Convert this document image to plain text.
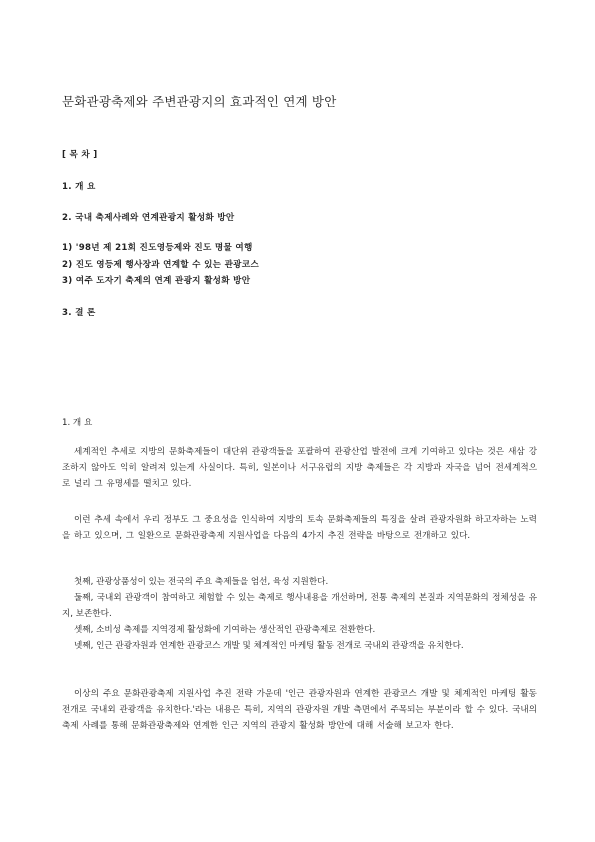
문화관광축제와 주변관광지의 효과적인 연계 방안
[ 목 차 ]
1. 개 요
2. 국내 축제사례와 연계관광지 활성화 방안
1) '98년 제 21회 진도영등제와 진도 명물 여행
2) 진도 영등제 행사장과 연계할 수 있는 관광코스
3) 여주 도자기 축제의 연계 관광지 활성화 방안
3. 결 론
1. 개 요
세계적인 추세로 지방의 문화축제들이 대단위 관광객들을 포괄하여 관광산업 발전에 크게 기여하고 있다는 것은 새삼 강조하지 않아도 익히 알려져 있는게 사실이다. 특히, 일본이나 서구유럽의 지방 축제들은 각 지방과 자국을 넘어 전세계적으로 널리 그 유명세를 떨치고 있다.
이런 추세 속에서 우리 정부도 그 중요성을 인식하여 지방의 토속 문화축제들의 특징을 살려 관광자원화 하고자하는 노력을 하고 있으며, 그 일환으로 문화관광축제 지원사업을 다음의 4가지 추진 전략을 바탕으로 전개하고 있다.
첫째, 관광상품성이 있는 전국의 주요 축제들을 엄선, 육성 지원한다.
둘째, 국내외 관광객이 참여하고 체험할 수 있는 축제로 행사내용을 개선하며, 전통 축제의 본질과 지역문화의 정체성을 유지, 보존한다.
셋째, 소비성 축제를 지역경제 활성화에 기여하는 생산적인 관광축제로 전환한다.
넷째, 인근 관광자원과 연계한 관광코스 개발 및 체계적인 마케팅 활동 전개로 국내외 관광객을 유치한다.
이상의 주요 문화관광축제 지원사업 추진 전략 가운데 '인근 관광자원과 연계한 관광코스 개발 및 체계적인 마케팅 활동 전개로 국내외 관광객을 유치한다.'라는 내용은 특히, 지역의 관광자원 개발 측면에서 주목되는 부분이라 할 수 있다. 국내의 축제 사례를 통해 문화관광축제와 연계한 인근 지역의 관광지 활성화 방안에 대해 서술해 보고자 한다.
